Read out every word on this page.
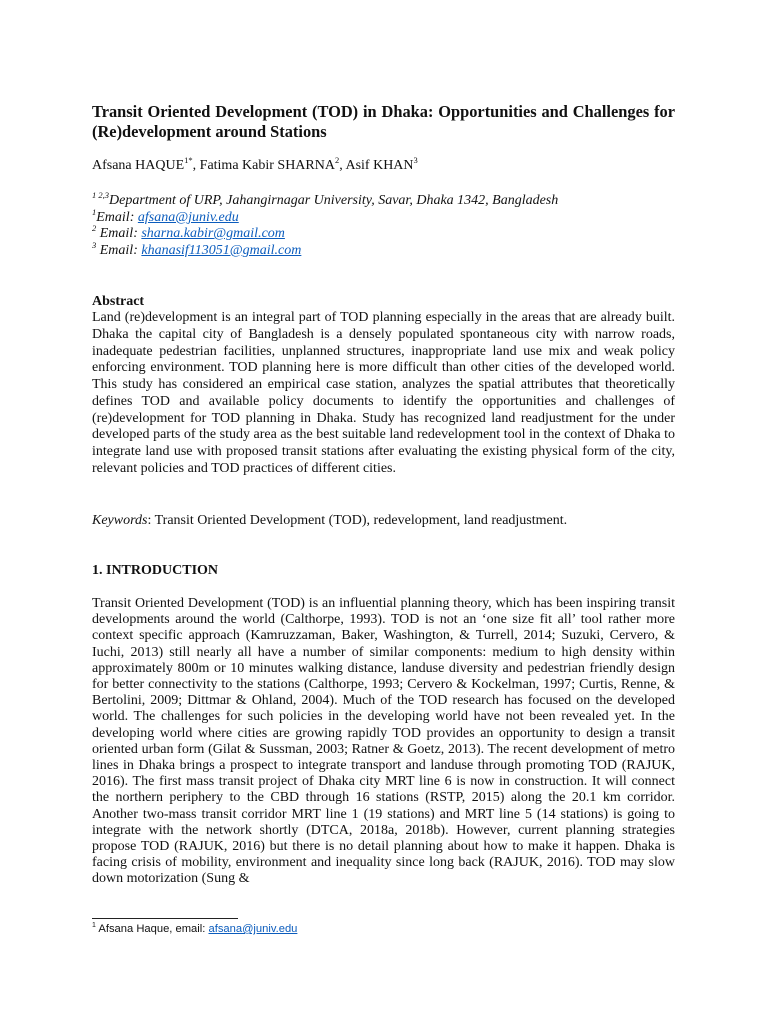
Transit Oriented Development (TOD) in Dhaka: Opportunities and Challenges for (Re)development around Stations
Afsana $HAQUE^{1*}$, Fatima Kabir SHARNA$^2$, Asif KHAN$^3$
$^{1 2,3}$Department of URP, Jahangirnagar University, Savar, Dhaka 1342, Bangladesh
$^1$Email: afsana@juniv.edu
$^2$ Email: sharna.kabir@gmail.com
$^3$ Email: khanasif113051@gmail.com
Abstract
Land (re)development is an integral part of TOD planning especially in the areas that are already built. Dhaka the capital city of Bangladesh is a densely populated spontaneous city with narrow roads, inadequate pedestrian facilities, unplanned structures, inappropriate land use mix and weak policy enforcing environment. TOD planning here is more difficult than other cities of the developed world. This study has considered an empirical case station, analyzes the spatial attributes that theoretically defines TOD and available policy documents to identify the opportunities and challenges of (re)development for TOD planning in Dhaka. Study has recognized land readjustment for the under developed parts of the study area as the best suitable land redevelopment tool in the context of Dhaka to integrate land use with proposed transit stations after evaluating the existing physical form of the city, relevant policies and TOD practices of different cities.
Keywords: Transit Oriented Development (TOD), redevelopment, land readjustment.
1. INTRODUCTION
Transit Oriented Development (TOD) is an influential planning theory, which has been inspiring transit developments around the world (Calthorpe, 1993). TOD is not an ‘one size fit all’ tool rather more context specific approach (Kamruzzaman, Baker, Washington, & Turrell, 2014; Suzuki, Cervero, & Iuchi, 2013) still nearly all have a number of similar components: medium to high density within approximately 800m or 10 minutes walking distance, landuse diversity and pedestrian friendly design for better connectivity to the stations (Calthorpe, 1993; Cervero & Kockelman, 1997; Curtis, Renne, & Bertolini, 2009; Dittmar & Ohland, 2004). Much of the TOD research has focused on the developed world. The challenges for such policies in the developing world have not been revealed yet. In the developing world where cities are growing rapidly TOD provides an opportunity to design a transit oriented urban form (Gilat & Sussman, 2003; Ratner & Goetz, 2013). The recent development of metro lines in Dhaka brings a prospect to integrate transport and landuse through promoting TOD (RAJUK, 2016). The first mass transit project of Dhaka city MRT line 6 is now in construction. It will connect the northern periphery to the CBD through 16 stations (RSTP, 2015) along the 20.1 km corridor. Another two-mass transit corridor MRT line 1 (19 stations) and MRT line 5 (14 stations) is going to integrate with the network shortly (DTCA, 2018a, 2018b). However, current planning strategies propose TOD (RAJUK, 2016) but there is no detail planning about how to make it happen. Dhaka is facing crisis of mobility, environment and inequality since long back (RAJUK, 2016). TOD may slow down motorization (Sung &
$^1$ Afsana Haque, email: afsana@juniv.edu
